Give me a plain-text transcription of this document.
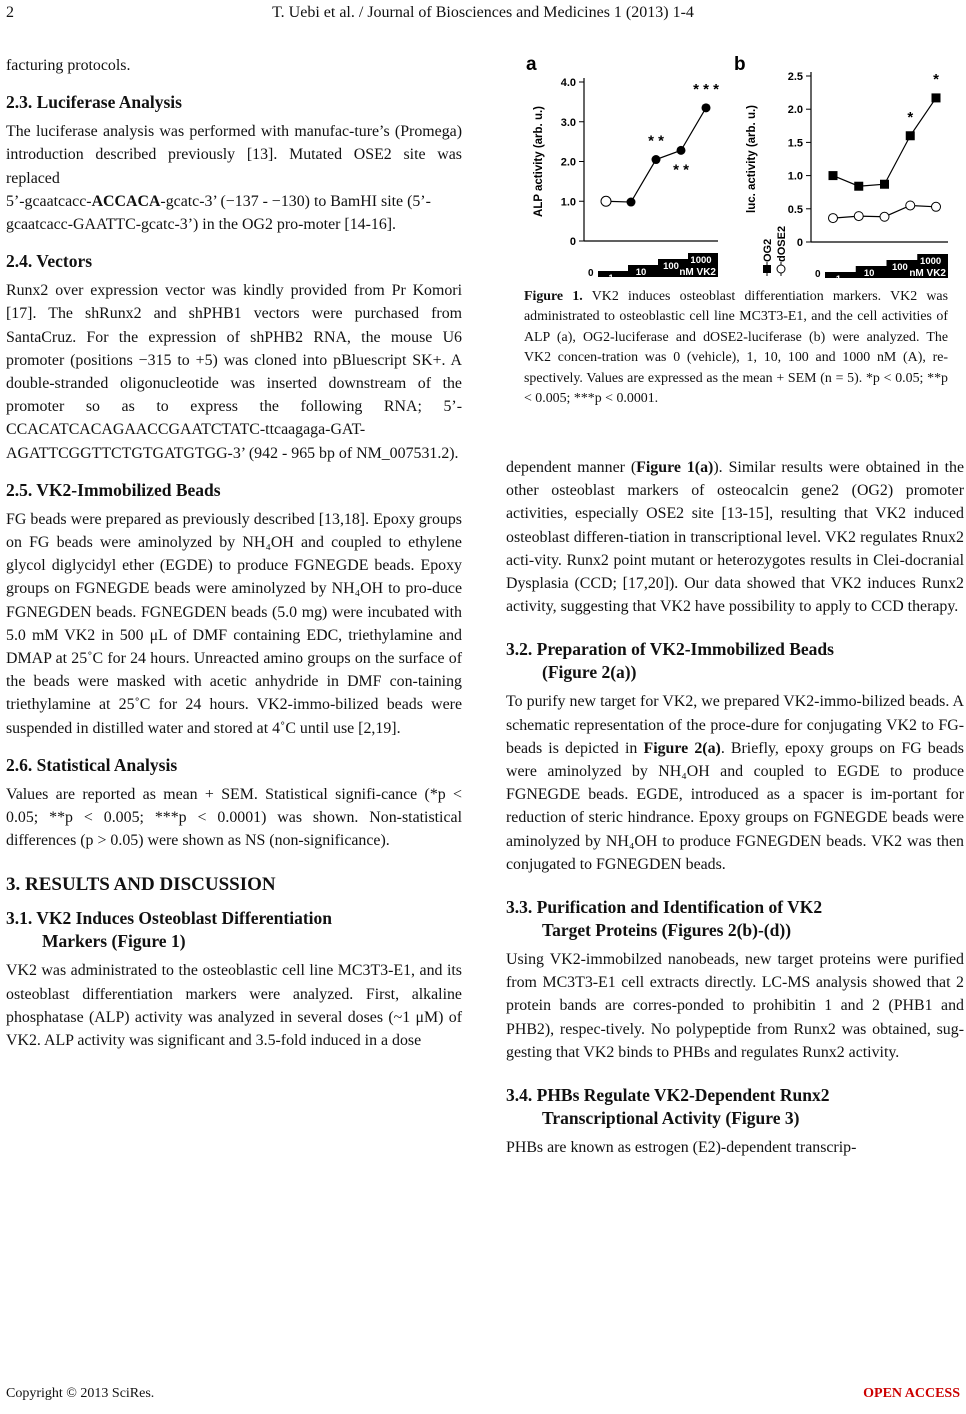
2	T. Uebi et al. / Journal of Biosciences and Medicines 1 (2013) 1-4

facturing protocols.

2.3. Luciferase Analysis

The luciferase analysis was performed with manufac-ture’s (Promega) introduction described previously [13]. Mutated OSE2 site was replaced

5’-gcaatcacc-ACCACA-gcatc-3’ (−137 - −130) to BamHI site (5’-gcaatcacc-GAATTC-gcatc-3’) in the OG2 pro-moter [14-16].

2.4. Vectors

Runx2 over expression vector was kindly provided from Pr Komori [17]. The shRunx2 and shPHB1 vectors were purchased from SantaCruz. For the expression of shPHB2 RNA, the mouse U6 promoter (positions −315 to +5) was cloned into pBluescript SK+. A double-stranded oligonucleotide was inserted downstream of the promoter so as to express the following RNA; 5’-CCACATCACAGAACCGAATCTATC-ttcaagaga-GAT-AGATTCGGTTCTGTGATGTGG-3’ (942 - 965 bp of NM_007531.2).

2.5. VK2-Immobilized Beads

FG beads were prepared as previously described [13,18]. Epoxy groups on FG beads were aminolyzed by NH₄OH and coupled to ethylene glycol diglycidyl ether (EGDE) to produce FGNEGDE beads. Epoxy groups on FGNEGDE beads were aminolyzed by NH₄OH to pro-duce FGNEGDEN beads. FGNEGDEN beads (5.0 mg) were incubated with 5.0 mM VK2 in 500 μL of DMF containing EDC, triethylamine and DMAP at 25˚C for 24 hours. Unreacted amino groups on the surface of the beads were masked with acetic anhydride in DMF con-taining triethylamine at 25˚C for 24 hours. VK2-immo-bilized beads were suspended in distilled water and stored at 4˚C until use [2,19].

2.6. Statistical Analysis

Values are reported as mean + SEM. Statistical signifi-cance (*p < 0.05; **p < 0.005; ***p < 0.0001) was shown. Non-statistical differences (p > 0.05) were shown as NS (non-significance).

3. RESULTS AND DISCUSSION
3.1. VK2 Induces Osteoblast Differentiation
Markers (Figure 1)

VK2 was administrated to the osteoblastic cell line MC3T3-E1, and its osteoblast differentiation markers were analyzed. First, alkaline phosphatase (ALP) activity was analyzed in several doses (~1 μM) of VK2. ALP activity was significant and 3.5-fold induced in a dose

a
0
1.0
2.0
3.0
4.0
ALP activity (arb. u.)
0 1
10
100
1000
nM VK2
* *
* *
* * *
b
0
0.5
1.0
1.5
2.0
2.5
luc. activity (arb. u.)
0 1
10
100
1000
nM VK2
*
*
OG2 dOSE2
Figure 1. VK2 induces osteoblast differentiation markers. VK2 was administrated to osteoblastic cell line MC3T3-E1, and the cell activities of ALP (a), OG2-luciferase and dOSE2-luciferase (b) were analyzed. The VK2 concen-tration was 0 (vehicle), 1, 10, 100 and 1000 nM (A), re-spectively. Values are expressed as the mean + SEM (n = 5). *p < 0.05; **p < 0.005; ***p < 0.0001.

dependent manner (Figure 1(a)). Similar results were obtained in the other osteoblast markers of osteocalcin gene2 (OG2) promoter activities, especially OSE2 site [13-15], resulting that VK2 induced osteoblast differen-tiation in transcriptional level. VK2 regulates Rnux2 acti-vity. Runx2 point mutant or heterozygotes results in Clei-docranial Dysplasia (CCD; [17,20]). Our data showed that VK2 induces Runx2 activity, suggesting that VK2 have possibility to apply to CCD therapy.

3.2. Preparation of VK2-Immobilized Beads
(Figure 2(a))

To purify new target for VK2, we prepared VK2-immo-bilized beads. A schematic representation of the proce-dure for conjugating VK2 to FG-beads is depicted in Figure 2(a). Briefly, epoxy groups on FG beads were aminolyzed by NH₄OH and coupled to EGDE to produce FGNEGDE beads. EGDE, introduced as a spacer is im-portant for reduction of steric hindrance. Epoxy groups on FGNEGDE beads were aminolyzed by NH₄OH to produce FGNEGDEN beads. VK2 was then conjugated to FGNEGDEN beads.

3.3. Purification and Identification of VK2
Target Proteins (Figures 2(b)-(d))

Using VK2-immobilzed nanobeads, new target proteins were purified from MC3T3-E1 cell extracts directly. LC-MS analysis showed that 2 protein bands are corres-ponded to prohibitin 1 and 2 (PHB1 and PHB2), respec-tively. No polypeptide from Runx2 was obtained, sug-gesting that VK2 binds to PHBs and regulates Runx2 activity.

3.4. PHBs Regulate VK2-Dependent Runx2
Transcriptional Activity (Figure 3)

PHBs are known as estrogen (E2)-dependent transcrip-

Copyright © 2013 SciRes.	OPEN ACCESS
